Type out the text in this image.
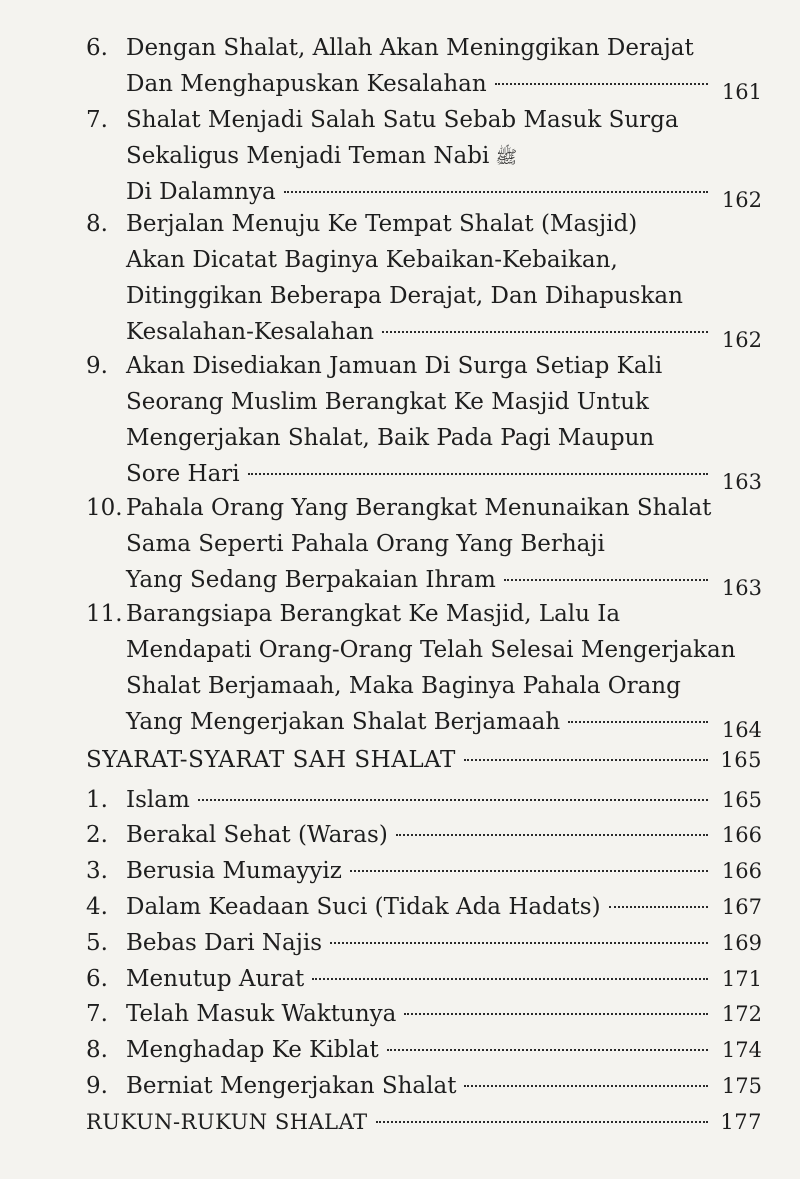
6. Dengan Shalat, Allah Akan Meninggikan Derajat
Dan Menghapuskan Kesalahan	161
7. Shalat Menjadi Salah Satu Sebab Masuk Surga
Sekaligus Menjadi Teman Nabi ﷺ
Di Dalamnya	162
8. Berjalan Menuju Ke Tempat Shalat (Masjid)
Akan Dicatat Baginya Kebaikan-Kebaikan,
Ditinggikan Beberapa Derajat, Dan Dihapuskan
Kesalahan-Kesalahan	162
9. Akan Disediakan Jamuan Di Surga Setiap Kali
Seorang Muslim Berangkat Ke Masjid Untuk
Mengerjakan Shalat, Baik Pada Pagi Maupun
Sore Hari	163
10. Pahala Orang Yang Berangkat Menunaikan Shalat
Sama Seperti Pahala Orang Yang Berhaji
Yang Sedang Berpakaian Ihram	163
11. Barangsiapa Berangkat Ke Masjid, Lalu Ia
Mendapati Orang-Orang Telah Selesai Mengerjakan
Shalat Berjamaah, Maka Baginya Pahala Orang
Yang Mengerjakan Shalat Berjamaah	164
SYARAT-SYARAT SAH SHALAT	165
1. Islam	165
2. Berakal Sehat (Waras)	166
3. Berusia Mumayyiz	166
4. Dalam Keadaan Suci (Tidak Ada Hadats)	167
5. Bebas Dari Najis	169
6. Menutup Aurat	171
7. Telah Masuk Waktunya	172
8. Menghadap Ke Kiblat	174
9. Berniat Mengerjakan Shalat	175
RUKUN-RUKUN SHALAT	177
